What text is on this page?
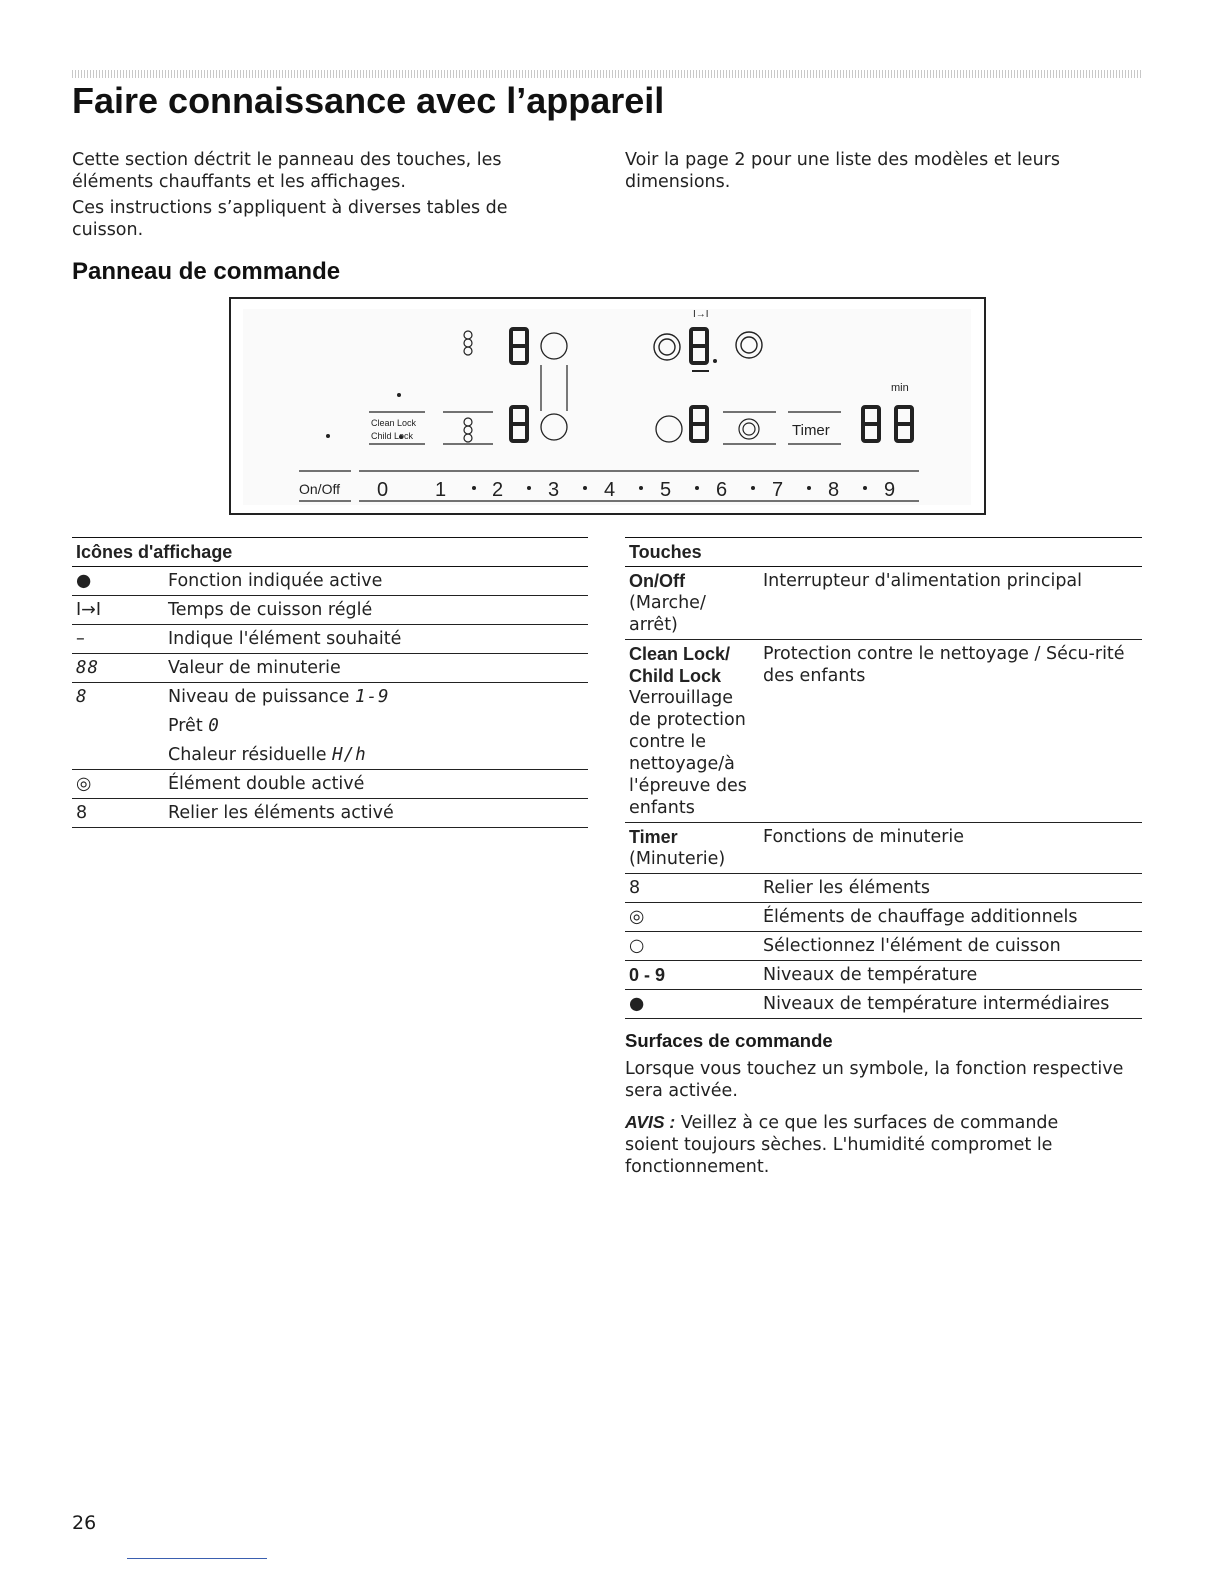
Faire connaissance avec l’appareil

Cette section déctrit le panneau des touches, les éléments chauffants et les affichages.

Ces instructions s’appliquent à diverses tables de cuisson.

Voir la page 2 pour une liste des modèles et leurs dimensions.

Panneau de commande
Clean Lock
Child Lock
I→I
min
Timer
On/Off 0 1 2 3 4 5 6 7 8 9
Icônes d'affichage	
●	Fonction indiquée active
I→I	Temps de cuisson réglé
–	Indique l'élément souhaité
88	Valeur de minuterie
8	Niveau de puissance 1-9
Prêt 0
Chaleur résiduelle H/h

◎	Élément double activé
8	Relier les éléments activé
Touches	

On/Off
(Marche/ arrêt)	Interrupteur d'alimentation principal

Clean Lock/ Child Lock
Verrouillage de protection contre le nettoyage/à l'épreuve des enfants	Protection contre le nettoyage / Sécu-rité des enfants

Timer
(Minuterie)	Fonctions de minuterie
8	Relier les éléments
◎	Éléments de chauffage additionnels
○	Sélectionnez l'élément de cuisson
0 - 9	Niveaux de température
●	Niveaux de température intermédiaires
Surfaces de commande

Lorsque vous touchez un symbole, la fonction respective sera activée.

AVIS : Veillez à ce que les surfaces de commande soient toujours sèches. L'humidité compromet le fonctionnement.

26
